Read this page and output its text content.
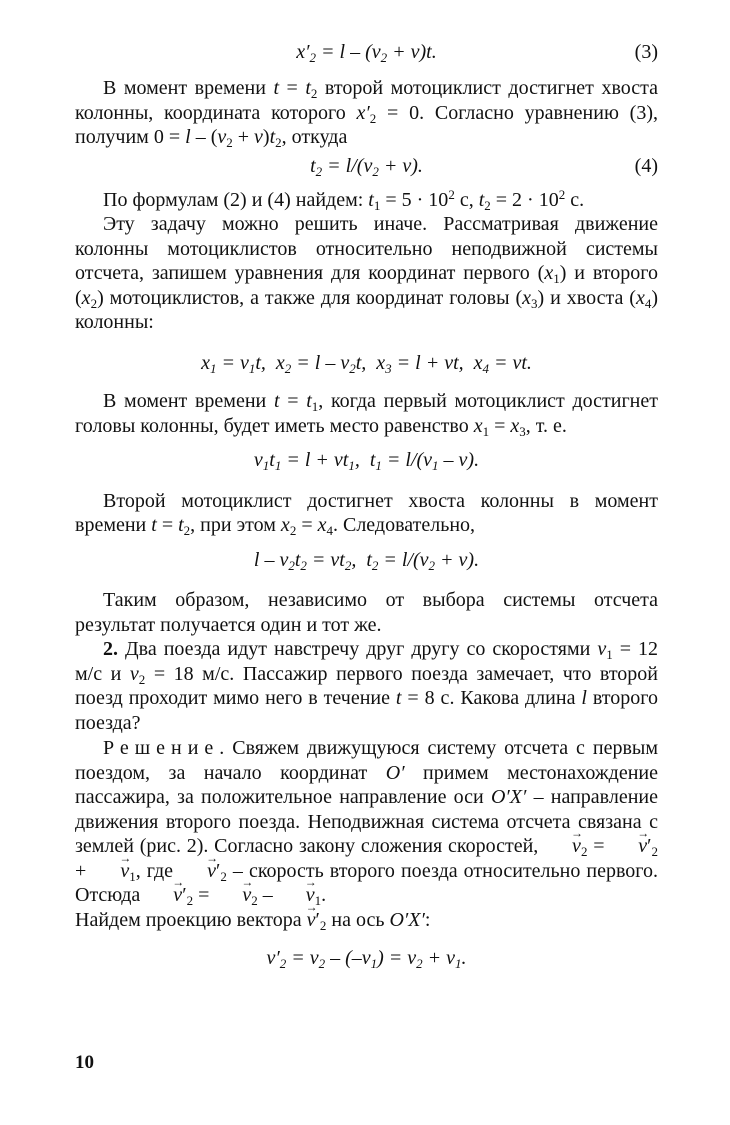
$x'_2 = l - (v_2 + v)t$.	(3)

В момент времени $t = t_2$ второй мотоциклист достигнет хвоста колонны, координата которого $x'_2 = 0$. Согласно уравнению (3), получим $0 = l - (v_2 + v)t_2$, откуда

$t_2 = l/(v_2 + v)$.	(4)

По формулам (2) и (4) найдем: $t_1 = 5 \cdot 10^2$ с, $t_2 = 2 \cdot 10^2$ с.

Эту задачу можно решить иначе. Рассматривая движение колонны мотоциклистов относительно неподвижной системы отсчета, запишем уравнения для координат первого $(x_1)$ и второго $(x_2)$ мотоциклистов, а также для координат головы $(x_3)$ и хвоста $(x_4)$ колонны:

$x_1 = v_1t$,  $x_2 = l - v_2t$,  $x_3 = l$ + vt,  $x_4$ = vt.

В момент времени $t = t_1$, когда первый мотоциклист достигнет головы колонны, будет иметь место равенство $x_1 = x_3$, т. е.

$v_1t_1 = l + vt_1$,  $t_1 = l/(v_1 - v)$.

Второй мотоциклист достигнет хвоста колонны в момент времени $t = t_2$, при этом $x_2 = x_4$. Следовательно,

$l - v_2t_2 = vt_2$,  $t_2 = l/(v_2 + v)$.

Таким образом, независимо от выбора системы отсчета результат получается один и тот же.

2. Два поезда идут навстречу друг другу со скоростями $v_1 = 12$ м/с и $v_2 = 18$ м/с. Пассажир первого поезда замечает, что второй поезд проходит мимо него в течение t = 8 с. Какова длина l второго поезда?

Решение. Свяжем движущуюся систему отсчета с первым поездом, за начало координат O′ примем местонахождение пассажира, за положительное направление оси O′X′ – направление движения второго поезда. Неподвижная система отсчета связана с землей (рис. 2). Согласно закону сложения скоростей, → $v_2$ = → $v'_2$ + → $v_1$, где → $v'_2$ – скорость второго поезда относительно первого. Отсюда → $v'_2$ = → $v_2$ – → $v_1$.

Найдем проекцию вектора → $v'_2$ на ось O′X′:

$v'_2 = v_2 - (-v_1) = v_2 + v_1$.
10
